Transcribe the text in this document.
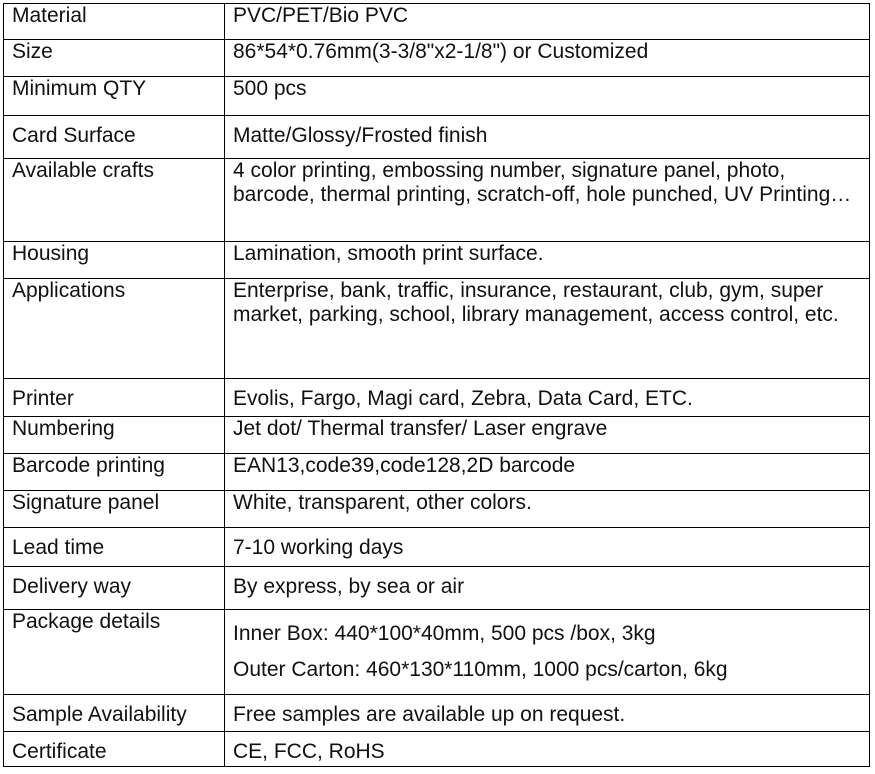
Material	PVC/PET/Bio PVC
Size	86*54*0.76mm(3-3/8"x2-1/8") or Customized
Minimum QTY	500 pcs
Card Surface	Matte/Glossy/Frosted finish
Available crafts	4 color printing, embossing number, signature panel, photo, barcode, thermal printing, scratch-off, hole punched, UV Printing…
Housing	Lamination, smooth print surface.
Applications	Enterprise, bank, traffic, insurance, restaurant, club, gym, super market, parking, school, library management, access control, etc.
Printer	Evolis, Fargo, Magi card, Zebra, Data Card, ETC.
Numbering	Jet dot/ Thermal transfer/ Laser engrave
Barcode printing	EAN13,code39,code128,2D barcode
Signature panel	White, transparent, other colors.
Lead time	7-10 working days
Delivery way	By express, by sea or air
Package details	Inner Box: 440*100*40mm, 500 pcs /box, 3kg
Outer Carton: 460*130*110mm, 1000 pcs/carton, 6kg

Sample Availability	Free samples are available up on request.
Certificate	CE, FCC, RoHS
